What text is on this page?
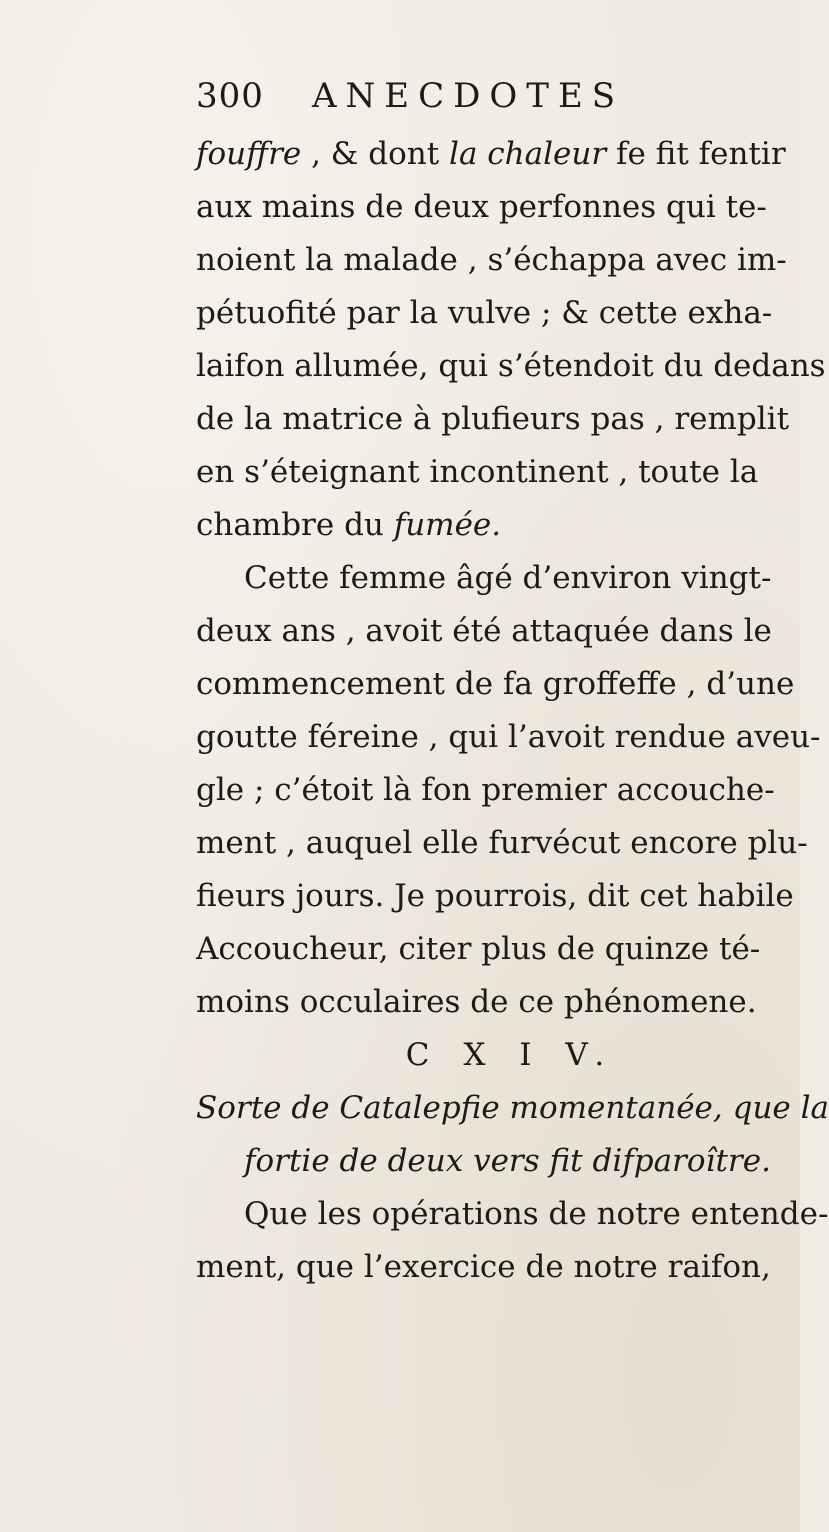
300 ANECDOTES
fouffre , & dont la chaleur fe fit fentir
aux mains de deux perfonnes qui te-
noient la malade , s’échappa avec im-
pétuofité par la vulve ; & cette exha-
laifon allumée, qui s’étendoit du dedans
de la matrice à plufieurs pas , remplit
en s’éteignant incontinent , toute la
chambre du fumée.
Cette femme âgé d’environ vingt-
deux ans , avoit été attaquée dans le
commencement de fa groffeffe , d’une
goutte féreine , qui l’avoit rendue aveu-
gle ; c’étoit là fon premier accouche-
ment , auquel elle furvécut encore plu-
fieurs jours. Je pourrois, dit cet habile
Accoucheur, citer plus de quinze té-
moins occulaires de ce phénomene.
C X I V.
Sorte de Catalepfie momentanée, que la
fortie de deux vers fit difparoître.
Que les opérations de notre entende-
ment, que l’exercice de notre raifon,
